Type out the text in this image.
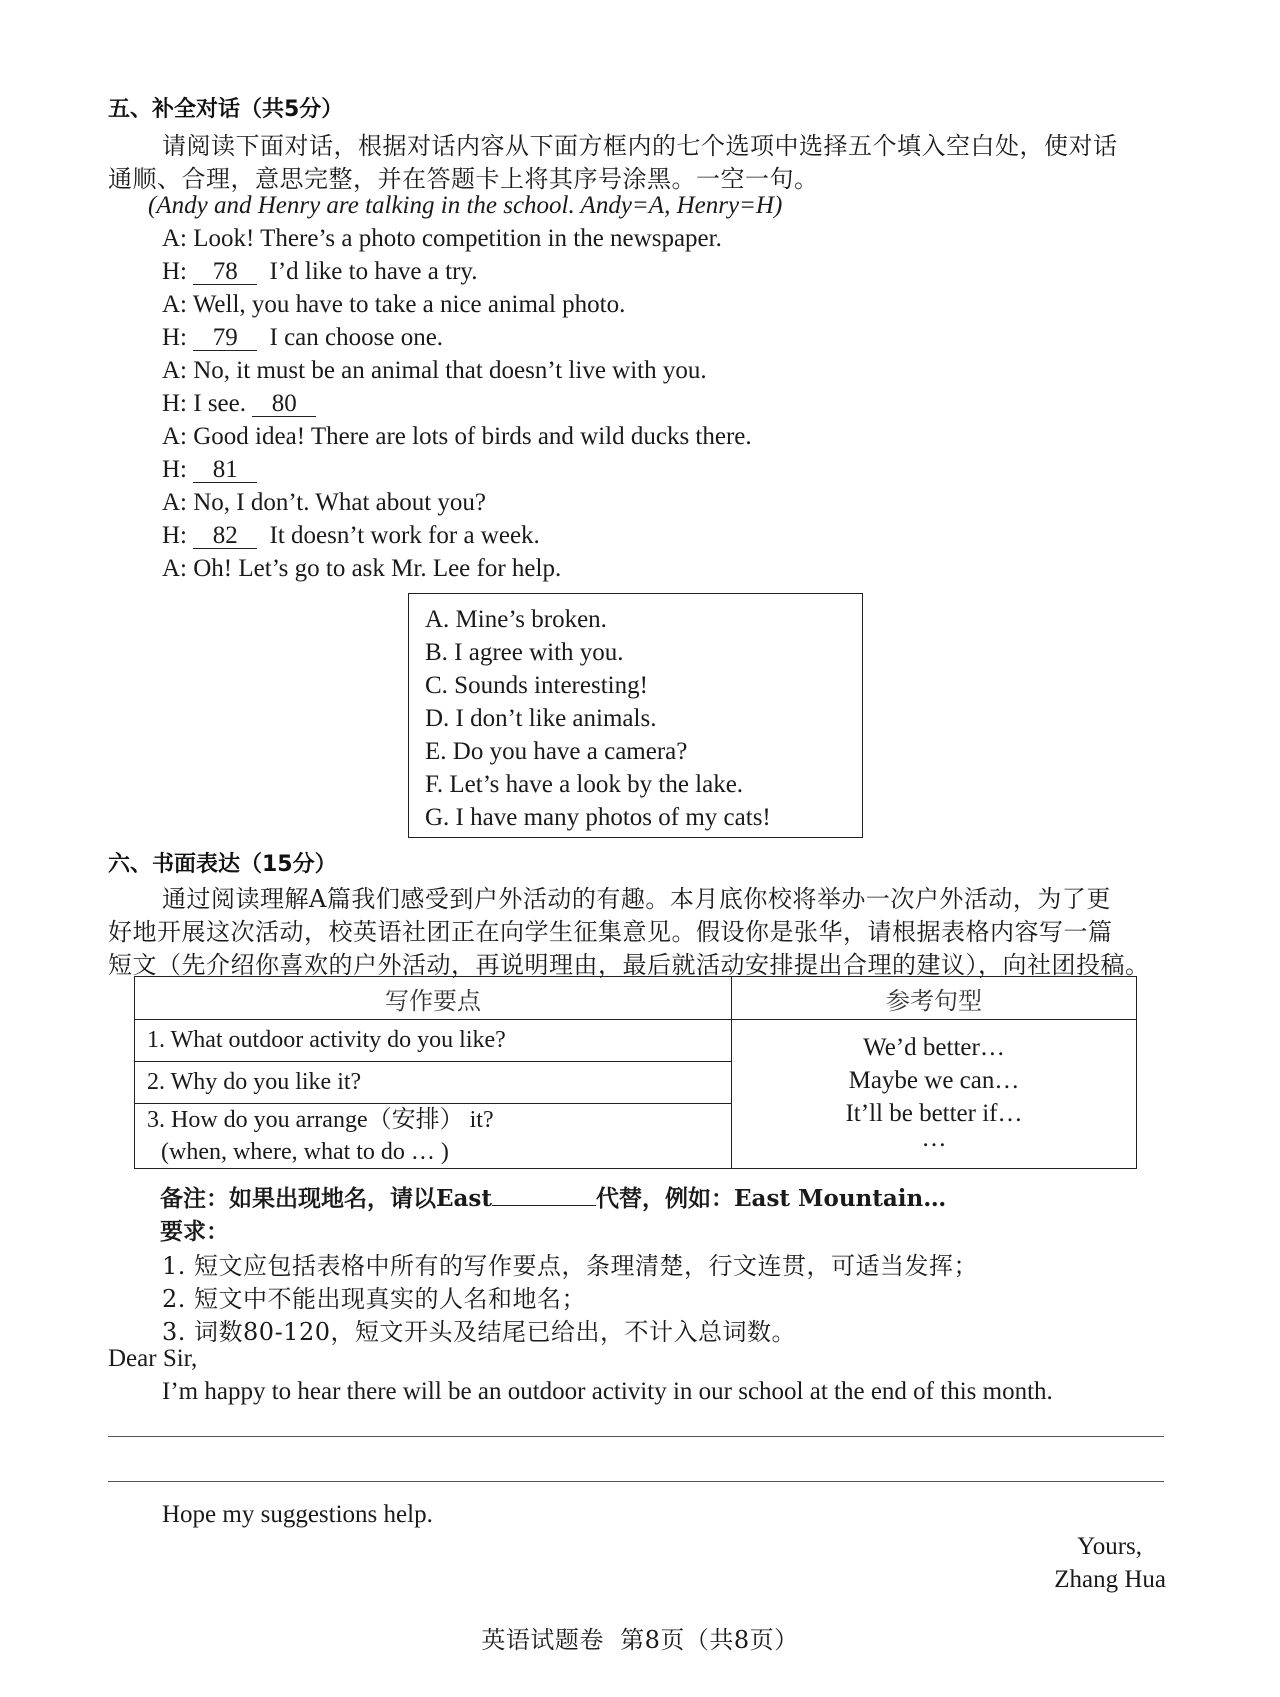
五、补全对话（共5分）
请阅读下面对话，根据对话内容从下面方框内的七个选项中选择五个填入空白处，使对话
通顺、合理，意思完整，并在答题卡上将其序号涂黑。一空一句。
(Andy and Henry are talking in the school. Andy=A, Henry=H)
A: Look! There’s a photo competition in the newspaper.
H: 78 I’d like to have a try.
A: Well, you have to take a nice animal photo.
H: 79 I can choose one.
A: No, it must be an animal that doesn’t live with you.
H: I see. 80
A: Good idea! There are lots of birds and wild ducks there.
H: 81
A: No, I don’t. What about you?
H: 82 It doesn’t work for a week.
A: Oh! Let’s go to ask Mr. Lee for help.
A. Mine’s broken.
B. I agree with you.
C. Sounds interesting!
D. I don’t like animals.
E. Do you have a camera?
F. Let’s have a look by the lake.
G. I have many photos of my cats!
六、书面表达（15分）
通过阅读理解A篇我们感受到户外活动的有趣。本月底你校将举办一次户外活动，为了更
好地开展这次活动，校英语社团正在向学生征集意见。假设你是张华，请根据表格内容写一篇
短文（先介绍你喜欢的户外活动，再说明理由，最后就活动安排提出合理的建议），向社团投稿。
写作要点	参考句型
1. What outdoor activity do you like?	We’d better…
Maybe we can…
It’ll be better if…
…

2. Why do you like it?	

3. How do you arrange（安排） it?
(when, where, what to do … )	
备注：如果出现地名，请以East	代替，例如：East Mountain…
要求：
1. 短文应包括表格中所有的写作要点，条理清楚，行文连贯，可适当发挥；
2. 短文中不能出现真实的人名和地名；
3. 词数80-120，短文开头及结尾已给出，不计入总词数。
Dear Sir,
I’m happy to hear there will be an outdoor activity in our school at the end of this month.
Hope my suggestions help.
Yours,
Zhang Hua
英语试题卷  第8页（共8页）
